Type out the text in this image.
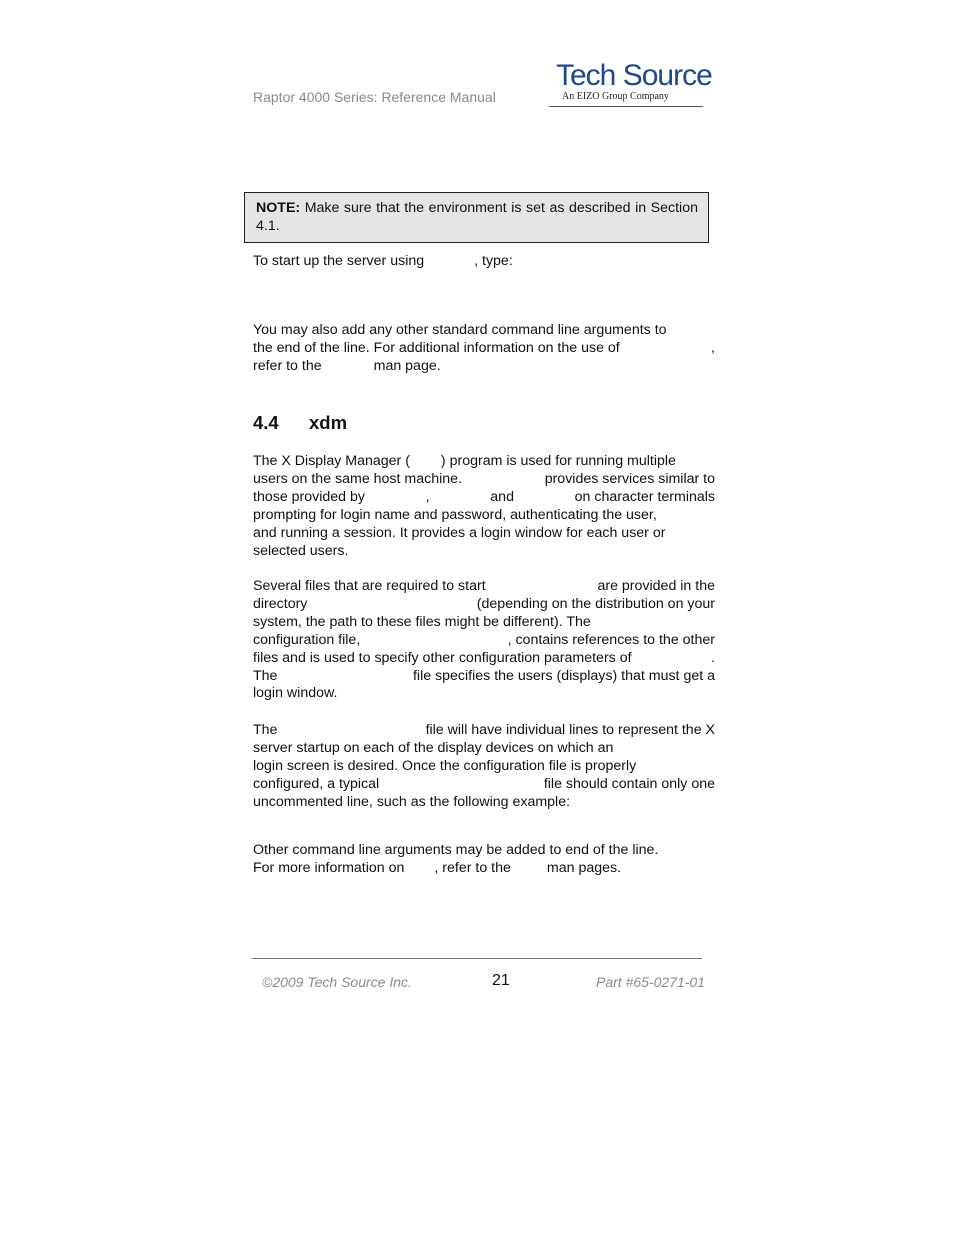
Raptor 4000 Series: Reference Manual
Tech Source
An EIZO Group Company
NOTE: Make sure that the environment is set as described in Section 4.1.
To start up the server using	, type:
You may also add any other standard command line arguments to
the end of the line. For additional information on the use of	,
refer to the	man page.
4.4 xdm
The X Display Manager ( ) program is used for running multiple
users on the same host machine.	provides services similar to
those provided by	,	and	on character terminals
prompting for login name and password, authenticating the user,
and running a session. It provides a login window for each user or
selected users.
Several files that are required to start	are provided in the
directory	(depending on the distribution on your
system, the path to these files might be different). The
configuration file,	, contains references to the other
files and is used to specify other configuration parameters of	.
The	file specifies the users (displays) that must get a
login window.
The	file will have individual lines to represent the X
server startup on each of the display devices on which an
login screen is desired. Once the configuration file is properly
configured, a typical	file should contain only one
uncommented line, such as the following example:
Other command line arguments may be added to end of the line.
For more information on , refer to the	man pages.
©2009 Tech Source Inc.	21	Part #65-0271-01
